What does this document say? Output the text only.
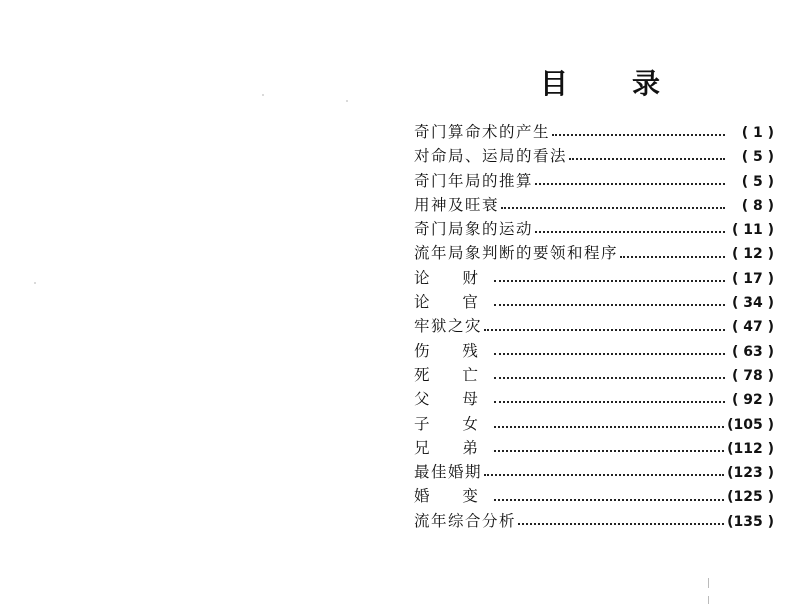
目 录
奇门算命术的产生	( 1 )
对命局、运局的看法	( 5 )
奇门年局的推算	( 5 )
用神及旺衰	( 8 )
奇门局象的运动	( 11 )
流年局象判断的要领和程序	( 12 )
论 财	( 17 )
论 官	( 34 )
牢狱之灾	( 47 )
伤 残	( 63 )
死 亡	( 78 )
父 母	( 92 )
子 女	(105 )
兄 弟	(112 )
最佳婚期	(123 )
婚 变	(125 )
流年综合分析	(135 )
